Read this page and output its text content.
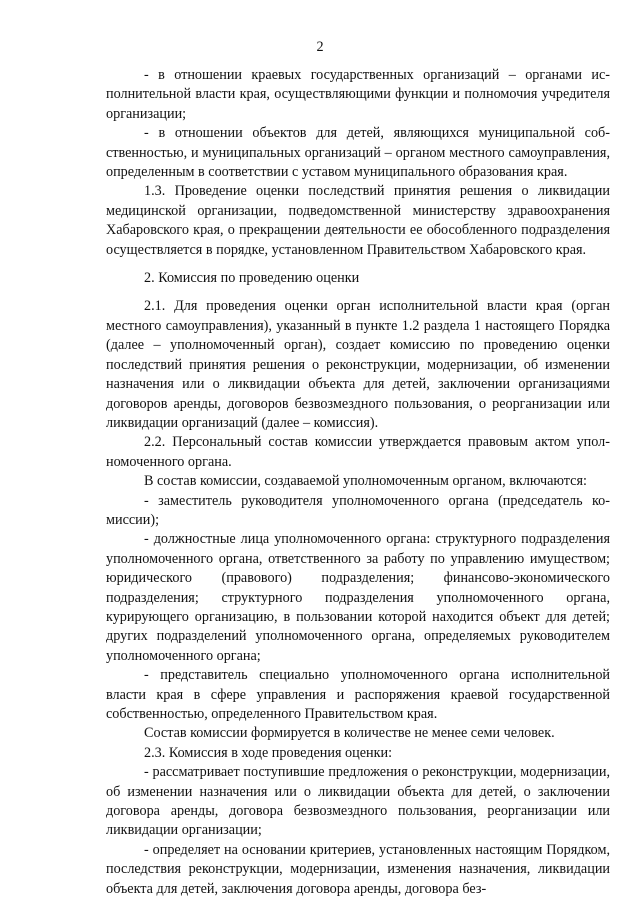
2

- в отношении краевых государственных организаций – органами исполнительной власти края, осуществляющими функции и полномочия учредителя организации;

- в отношении объектов для детей, являющихся муниципальной собственностью, и муниципальных организаций – органом местного самоуправления, определенным в соответствии с уставом муниципального образования края.

1.3. Проведение оценки последствий принятия решения о ликвидации медицинской организации, подведомственной министерству здравоохранения Хабаровского края, о прекращении деятельности ее обособленного подразделения осуществляется в порядке, установленном Правительством Хабаровского края.

2. Комиссия по проведению оценки

2.1. Для проведения оценки орган исполнительной власти края (орган местного самоуправления), указанный в пункте 1.2 раздела 1 настоящего Порядка (далее – уполномоченный орган), создает комиссию по проведению оценки последствий принятия решения о реконструкции, модернизации, об изменении назначения или о ликвидации объекта для детей, заключении организациями договоров аренды, договоров безвозмездного пользования, о реорганизации или ликвидации организаций (далее – комиссия).

2.2. Персональный состав комиссии утверждается правовым актом уполномоченного органа.

В состав комиссии, создаваемой уполномоченным органом, включаются:

- заместитель руководителя уполномоченного органа (председатель комиссии);

- должностные лица уполномоченного органа: структурного подразделения уполномоченного органа, ответственного за работу по управлению имуществом; юридического (правового) подразделения; финансово-экономического подразделения; структурного подразделения уполномоченного органа, курирующего организацию, в пользовании которой находится объект для детей; других подразделений уполномоченного органа, определяемых руководителем уполномоченного органа;

- представитель специально уполномоченного органа исполнительной власти края в сфере управления и распоряжения краевой государственной собственностью, определенного Правительством края.

Состав комиссии формируется в количестве не менее семи человек.

2.3. Комиссия в ходе проведения оценки:

- рассматривает поступившие предложения о реконструкции, модернизации, об изменении назначения или о ликвидации объекта для детей, о заключении договора аренды, договора безвозмездного пользования, реорганизации или ликвидации организации;

- определяет на основании критериев, установленных настоящим Порядком, последствия реконструкции, модернизации, изменения назначения, ликвидации объекта для детей, заключения договора аренды, договора без-
